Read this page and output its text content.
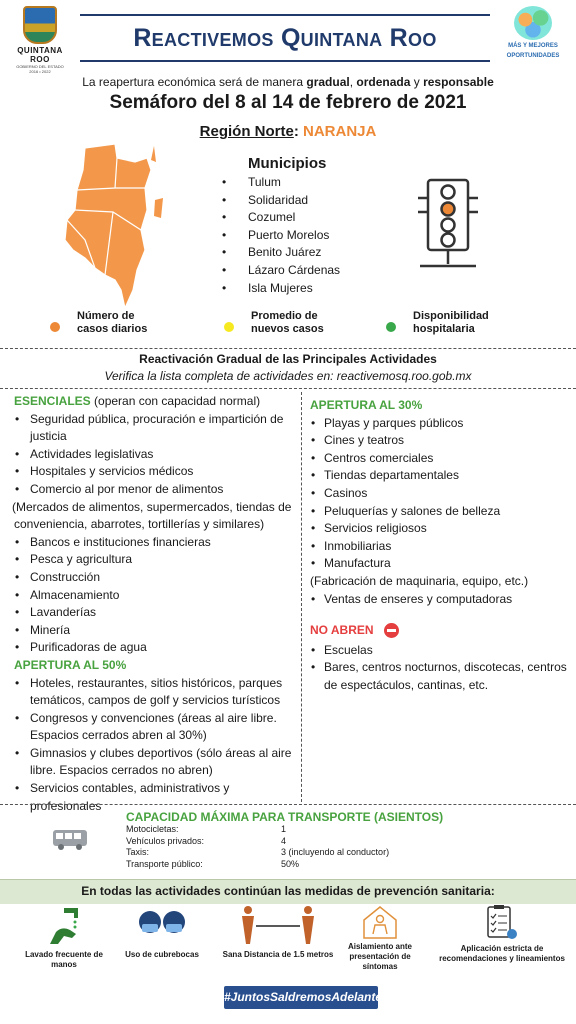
QUINTANA ROO
GOBIERNO DEL ESTADO
2016 • 2022
Reactivemos Quintana Roo	MÁS Y MEJORES
OPORTUNIDADES
La reapertura económica será de manera gradual, ordenada y responsable
Semáforo del 8 al 14 de febrero de 2021
Región Norte: NARANJA
Municipios
• Tulum
• Solidaridad
• Cozumel
• Puerto Morelos
• Benito Juárez
• Lázaro Cárdenas
• Isla Mujeres
Número de casos diarios
Promedio de nuevos casos
Disponibilidad hospitalaria
Reactivación Gradual de las Principales Actividades
Verifica la lista completa de actividades en: reactivemosq.roo.gob.mx
ESENCIALES (operan con capacidad normal)
• Seguridad pública, procuración e impartición de justicia
• Actividades legislativas
• Hospitales y servicios médicos
• Comercio al por menor de alimentos
(Mercados de alimentos, supermercados, tiendas de conveniencia, abarrotes, tortillerías y similares)
• Bancos e instituciones financieras
• Pesca y agricultura
• Construcción
• Almacenamiento
• Lavanderías
• Minería
• Purificadoras de agua
APERTURA AL 50%
• Hoteles, restaurantes, sitios históricos, parques temáticos, campos de golf y servicios turísticos
• Congresos y convenciones (áreas al aire libre. Espacios cerrados abren al 30%)
• Gimnasios y clubes deportivos (sólo áreas al aire libre. Espacios cerrados no abren)
• Servicios contables, administrativos y profesionales
APERTURA AL 30%
• Playas y parques públicos
• Cines y teatros
• Centros comerciales
• Tiendas departamentales
• Casinos
• Peluquerías y salones de belleza
• Servicios religiosos
• Inmobiliarias
• Manufactura
(Fabricación de maquinaria, equipo, etc.)
• Ventas de enseres y computadoras
NO ABREN
• Escuelas
• Bares, centros nocturnos, discotecas, centros de espectáculos, cantinas, etc.
CAPACIDAD MÁXIMA PARA TRANSPORTE (ASIENTOS)
Motocicletas:	1
Vehículos privados:	4
Taxis:	3 (incluyendo al conductor)
Transporte público:	50%
En todas las actividades continúan las medidas de prevención sanitaria:
Lavado frecuente de manos
Uso de cubrebocas	Sana Distancia de 1.5 metros
Aislamiento ante presentación de síntomas
Aplicación estricta de recomendaciones y lineamientos
#JuntosSaldremosAdelante
